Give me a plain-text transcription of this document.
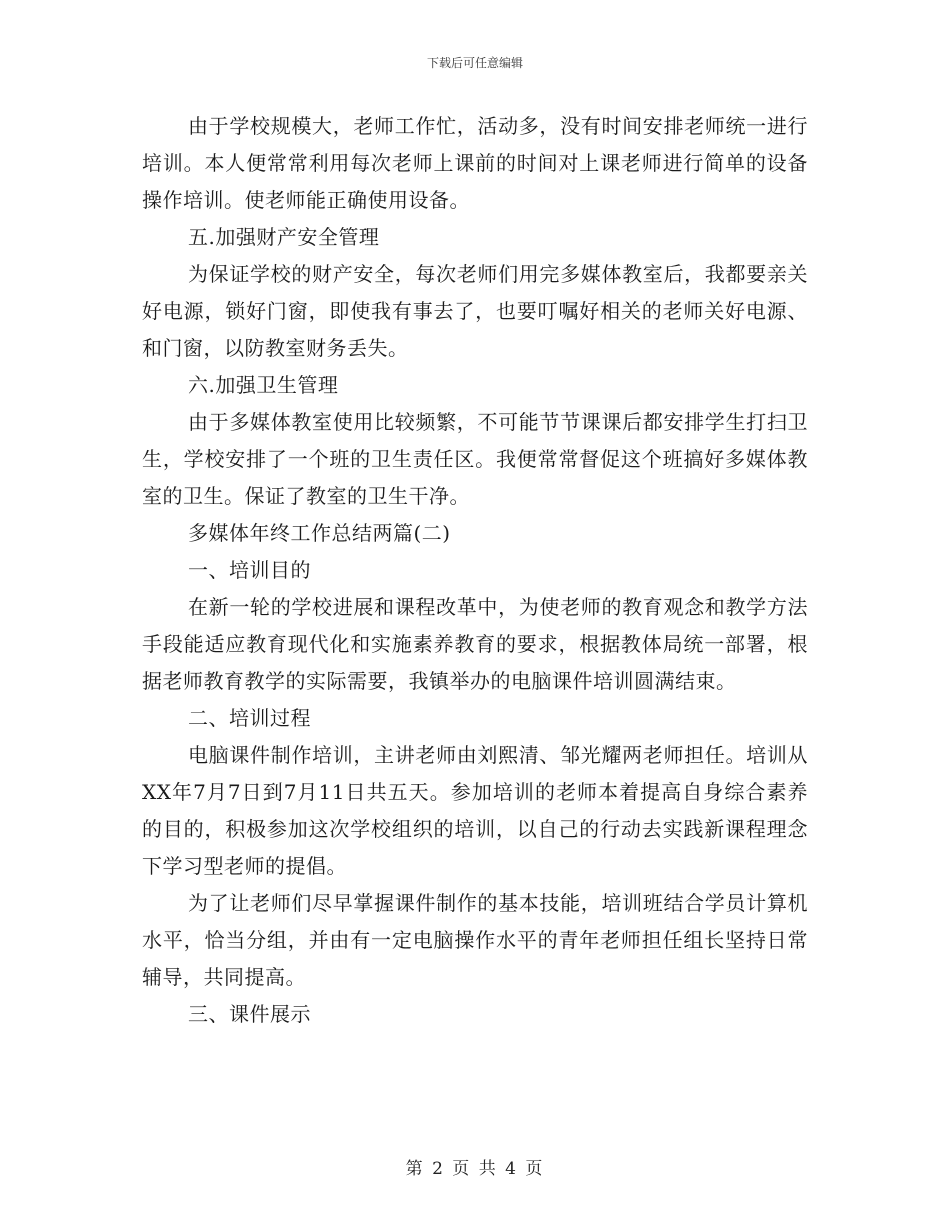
下载后可任意编辑

由于学校规模大，老师工作忙，活动多，没有时间安排老师统一进行培训。本人便常常利用每次老师上课前的时间对上课老师进行简单的设备操作培训。使老师能正确使用设备。

五.加强财产安全管理

为保证学校的财产安全，每次老师们用完多媒体教室后，我都要亲关好电源，锁好门窗，即使我有事去了，也要叮嘱好相关的老师关好电源、和门窗，以防教室财务丢失。

六.加强卫生管理

由于多媒体教室使用比较频繁，不可能节节课课后都安排学生打扫卫生，学校安排了一个班的卫生责任区。我便常常督促这个班搞好多媒体教室的卫生。保证了教室的卫生干净。

多媒体年终工作总结两篇(二)

一、培训目的

在新一轮的学校进展和课程改革中，为使老师的教育观念和教学方法手段能适应教育现代化和实施素养教育的要求，根据教体局统一部署，根据老师教育教学的实际需要，我镇举办的电脑课件培训圆满结束。

二、培训过程

电脑课件制作培训，主讲老师由刘熙清、邹光耀两老师担任。培训从XX年7月7日到7月11日共五天。参加培训的老师本着提高自身综合素养的目的，积极参加这次学校组织的培训，以自己的行动去实践新课程理念下学习型老师的提倡。

为了让老师们尽早掌握课件制作的基本技能，培训班结合学员计算机水平，恰当分组，并由有一定电脑操作水平的青年老师担任组长坚持日常辅导，共同提高。

三、课件展示

第 2 页 共 4 页
